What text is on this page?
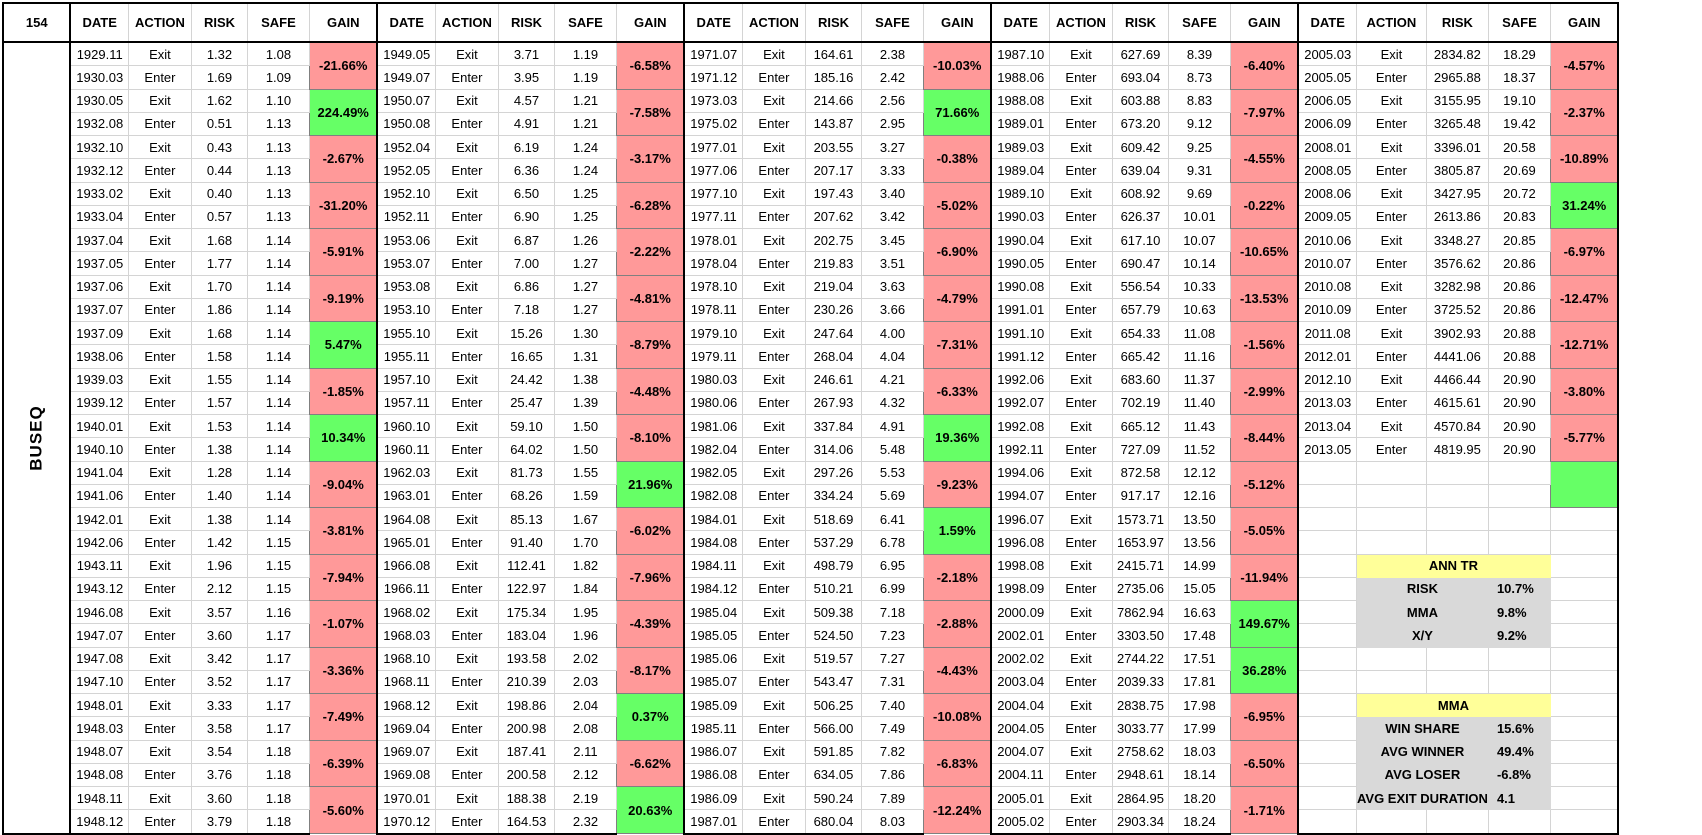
154	DATE	ACTION	RISK	SAFE	GAIN	DATE	ACTION	RISK	SAFE	GAIN	DATE	ACTION	RISK	SAFE	GAIN	DATE	ACTION	RISK	SAFE	GAIN	DATE	ACTION	RISK	SAFE	GAIN
BUSEQ	1929.11	Exit	1.32	1.08	-21.66%	1949.05	Exit	3.71	1.19	-6.58%	1971.07	Exit	164.61	2.38	-10.03%	1987.10	Exit	627.69	8.39	-6.40%	2005.03	Exit	2834.82	18.29	-4.57%
	1930.03	Enter	1.69	1.09		1949.07	Enter	3.95	1.19		1971.12	Enter	185.16	2.42		1988.06	Enter	693.04	8.73		2005.05	Enter	2965.88	18.37	
	1930.05	Exit	1.62	1.10	224.49%	1950.07	Exit	4.57	1.21	-7.58%	1973.03	Exit	214.66	2.56	71.66%	1988.08	Exit	603.88	8.83	-7.97%	2006.05	Exit	3155.95	19.10	-2.37%
	1932.08	Enter	0.51	1.13		1950.08	Enter	4.91	1.21		1975.02	Enter	143.87	2.95		1989.01	Enter	673.20	9.12		2006.09	Enter	3265.48	19.42	
	1932.10	Exit	0.43	1.13	-2.67%	1952.04	Exit	6.19	1.24	-3.17%	1977.01	Exit	203.55	3.27	-0.38%	1989.03	Exit	609.42	9.25	-4.55%	2008.01	Exit	3396.01	20.58	-10.89%
	1932.12	Enter	0.44	1.13		1952.05	Enter	6.36	1.24		1977.06	Enter	207.17	3.33		1989.04	Enter	639.04	9.31		2008.05	Enter	3805.87	20.69	
	1933.02	Exit	0.40	1.13	-31.20%	1952.10	Exit	6.50	1.25	-6.28%	1977.10	Exit	197.43	3.40	-5.02%	1989.10	Exit	608.92	9.69	-0.22%	2008.06	Exit	3427.95	20.72	31.24%
	1933.04	Enter	0.57	1.13		1952.11	Enter	6.90	1.25		1977.11	Enter	207.62	3.42		1990.03	Enter	626.37	10.01		2009.05	Enter	2613.86	20.83	
	1937.04	Exit	1.68	1.14	-5.91%	1953.06	Exit	6.87	1.26	-2.22%	1978.01	Exit	202.75	3.45	-6.90%	1990.04	Exit	617.10	10.07	-10.65%	2010.06	Exit	3348.27	20.85	-6.97%
	1937.05	Enter	1.77	1.14		1953.07	Enter	7.00	1.27		1978.04	Enter	219.83	3.51		1990.05	Enter	690.47	10.14		2010.07	Enter	3576.62	20.86	
	1937.06	Exit	1.70	1.14	-9.19%	1953.08	Exit	6.86	1.27	-4.81%	1978.10	Exit	219.04	3.63	-4.79%	1990.08	Exit	556.54	10.33	-13.53%	2010.08	Exit	3282.98	20.86	-12.47%
	1937.07	Enter	1.86	1.14		1953.10	Enter	7.18	1.27		1978.11	Enter	230.26	3.66		1991.01	Enter	657.79	10.63		2010.09	Enter	3725.52	20.86	
	1937.09	Exit	1.68	1.14	5.47%	1955.10	Exit	15.26	1.30	-8.79%	1979.10	Exit	247.64	4.00	-7.31%	1991.10	Exit	654.33	11.08	-1.56%	2011.08	Exit	3902.93	20.88	-12.71%
	1938.06	Enter	1.58	1.14		1955.11	Enter	16.65	1.31		1979.11	Enter	268.04	4.04		1991.12	Enter	665.42	11.16		2012.01	Enter	4441.06	20.88	
	1939.03	Exit	1.55	1.14	-1.85%	1957.10	Exit	24.42	1.38	-4.48%	1980.03	Exit	246.61	4.21	-6.33%	1992.06	Exit	683.60	11.37	-2.99%	2012.10	Exit	4466.44	20.90	-3.80%
	1939.12	Enter	1.57	1.14		1957.11	Enter	25.47	1.39		1980.06	Enter	267.93	4.32		1992.07	Enter	702.19	11.40		2013.03	Enter	4615.61	20.90	
	1940.01	Exit	1.53	1.14	10.34%	1960.10	Exit	59.10	1.50	-8.10%	1981.06	Exit	337.84	4.91	19.36%	1992.08	Exit	665.12	11.43	-8.44%	2013.04	Exit	4570.84	20.90	-5.77%
	1940.10	Enter	1.38	1.14		1960.11	Enter	64.02	1.50		1982.04	Enter	314.06	5.48		1992.11	Enter	727.09	11.52		2013.05	Enter	4819.95	20.90	
	1941.04	Exit	1.28	1.14	-9.04%	1962.03	Exit	81.73	1.55	21.96%	1982.05	Exit	297.26	5.53	-9.23%	1994.06	Exit	872.58	12.12	-5.12%					
	1941.06	Enter	1.40	1.14		1963.01	Enter	68.26	1.59		1982.08	Enter	334.24	5.69		1994.07	Enter	917.17	12.16						
	1942.01	Exit	1.38	1.14	-3.81%	1964.08	Exit	85.13	1.67	-6.02%	1984.01	Exit	518.69	6.41	1.59%	1996.07	Exit	1573.71	13.50	-5.05%					
	1942.06	Enter	1.42	1.15		1965.01	Enter	91.40	1.70		1984.08	Enter	537.29	6.78		1996.08	Enter	1653.97	13.56						
	1943.11	Exit	1.96	1.15	-7.94%	1966.08	Exit	112.41	1.82	-7.96%	1984.11	Exit	498.79	6.95	-2.18%	1998.08	Exit	2415.71	14.99	-11.94%		ANN TR			
	1943.12	Enter	2.12	1.15		1966.11	Enter	122.97	1.84		1984.12	Enter	510.21	6.99		1998.09	Enter	2735.06	15.05			RISK		10.7%	
	1946.08	Exit	3.57	1.16	-1.07%	1968.02	Exit	175.34	1.95	-4.39%	1985.04	Exit	509.38	7.18	-2.88%	2000.09	Exit	7862.94	16.63	149.67%		MMA		9.8%	
	1947.07	Enter	3.60	1.17		1968.03	Enter	183.04	1.96		1985.05	Enter	524.50	7.23		2002.01	Enter	3303.50	17.48			X/Y		9.2%	
	1947.08	Exit	3.42	1.17	-3.36%	1968.10	Exit	193.58	2.02	-8.17%	1985.06	Exit	519.57	7.27	-4.43%	2002.02	Exit	2744.22	17.51	36.28%					
	1947.10	Enter	3.52	1.17		1968.11	Enter	210.39	2.03		1985.07	Enter	543.47	7.31		2003.04	Enter	2039.33	17.81						
	1948.01	Exit	3.33	1.17	-7.49%	1968.12	Exit	198.86	2.04	0.37%	1985.09	Exit	506.25	7.40	-10.08%	2004.04	Exit	2838.75	17.98	-6.95%		MMA			
	1948.03	Enter	3.58	1.17		1969.04	Enter	200.98	2.08		1985.11	Enter	566.00	7.49		2004.05	Enter	3033.77	17.99			WIN SHARE		15.6%	
	1948.07	Exit	3.54	1.18	-6.39%	1969.07	Exit	187.41	2.11	-6.62%	1986.07	Exit	591.85	7.82	-6.83%	2004.07	Exit	2758.62	18.03	-6.50%		AVG WINNER		49.4%	
	1948.08	Enter	3.76	1.18		1969.08	Enter	200.58	2.12		1986.08	Enter	634.05	7.86		2004.11	Enter	2948.61	18.14			AVG LOSER		-6.8%	
	1948.11	Exit	3.60	1.18	-5.60%	1970.01	Exit	188.38	2.19	20.63%	1986.09	Exit	590.24	7.89	-12.24%	2005.01	Exit	2864.95	18.20	-1.71%		AVG EXIT DURATION		4.1	
	1948.12	Enter	3.79	1.18		1970.12	Enter	164.53	2.32		1987.01	Enter	680.04	8.03		2005.02	Enter	2903.34	18.24						
